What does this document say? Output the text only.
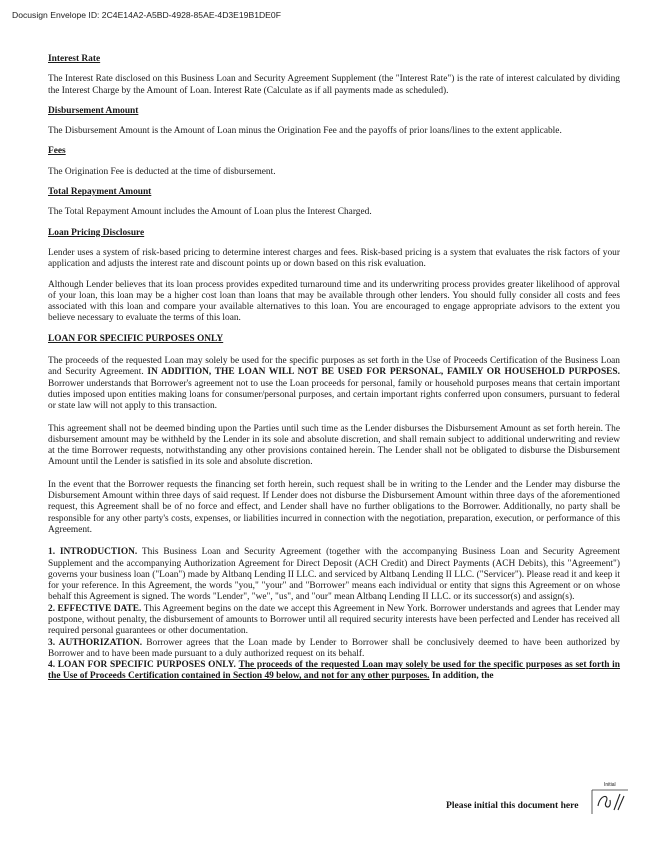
Docusign Envelope ID: 2C4E14A2-A5BD-4928-85AE-4D3E19B1DE0F

Interest Rate

The Interest Rate disclosed on this Business Loan and Security Agreement Supplement (the "Interest Rate") is the rate of interest calculated by dividing the Interest Charge by the Amount of Loan. Interest Rate (Calculate as if all payments made as scheduled).

Disbursement Amount

The Disbursement Amount is the Amount of Loan minus the Origination Fee and the payoffs of prior loans/lines to the extent applicable.

Fees

The Origination Fee is deducted at the time of disbursement.

Total Repayment Amount

The Total Repayment Amount includes the Amount of Loan plus the Interest Charged.

Loan Pricing Disclosure

Lender uses a system of risk-based pricing to determine interest charges and fees. Risk-based pricing is a system that evaluates the risk factors of your application and adjusts the interest rate and discount points up or down based on this risk evaluation.

Although Lender believes that its loan process provides expedited turnaround time and its underwriting process provides greater likelihood of approval of your loan, this loan may be a higher cost loan than loans that may be available through other lenders. You should fully consider all costs and fees associated with this loan and compare your available alternatives to this loan. You are encouraged to engage appropriate advisors to the extent you believe necessary to evaluate the terms of this loan.

LOAN FOR SPECIFIC PURPOSES ONLY

The proceeds of the requested Loan may solely be used for the specific purposes as set forth in the Use of Proceeds Certification of the Business Loan and Security Agreement. IN ADDITION, THE LOAN WILL NOT BE USED FOR PERSONAL, FAMILY OR HOUSEHOLD PURPOSES. Borrower understands that Borrower's agreement not to use the Loan proceeds for personal, family or household purposes means that certain important duties imposed upon entities making loans for consumer/personal purposes, and certain important rights conferred upon consumers, pursuant to federal or state law will not apply to this transaction.

This agreement shall not be deemed binding upon the Parties until such time as the Lender disburses the Disbursement Amount as set forth herein. The disbursement amount may be withheld by the Lender in its sole and absolute discretion, and shall remain subject to additional underwriting and review at the time Borrower requests, notwithstanding any other provisions contained herein. The Lender shall not be obligated to disburse the Disbursement Amount until the Lender is satisfied in its sole and absolute discretion.

In the event that the Borrower requests the financing set forth herein, such request shall be in writing to the Lender and the Lender may disburse the Disbursement Amount within three days of said request. If Lender does not disburse the Disbursement Amount within three days of the aforementioned request, this Agreement shall be of no force and effect, and Lender shall have no further obligations to the Borrower. Additionally, no party shall be responsible for any other party's costs, expenses, or liabilities incurred in connection with the negotiation, preparation, execution, or performance of this Agreement.

1. INTRODUCTION. This Business Loan and Security Agreement (together with the accompanying Business Loan and Security Agreement Supplement and the accompanying Authorization Agreement for Direct Deposit (ACH Credit) and Direct Payments (ACH Debits), this "Agreement") governs your business loan ("Loan") made by Altbanq Lending II LLC. and serviced by Altbanq Lending II LLC. ("Servicer"). Please read it and keep it for your reference. In this Agreement, the words "you," "your" and "Borrower" means each individual or entity that signs this Agreement or on whose behalf this Agreement is signed. The words "Lender", "we", "us", and "our" mean Altbanq Lending II LLC. or its successor(s) and assign(s).

2. EFFECTIVE DATE. This Agreement begins on the date we accept this Agreement in New York. Borrower understands and agrees that Lender may postpone, without penalty, the disbursement of amounts to Borrower until all required security interests have been perfected and Lender has received all required personal guarantees or other documentation.

3. AUTHORIZATION. Borrower agrees that the Loan made by Lender to Borrower shall be conclusively deemed to have been authorized by Borrower and to have been made pursuant to a duly authorized request on its behalf.

4. LOAN FOR SPECIFIC PURPOSES ONLY. The proceeds of the requested Loan may solely be used for the specific purposes as set forth in the Use of Proceeds Certification contained in Section 49 below, and not for any other purposes. In addition, the

Initial
Please initial this document here
